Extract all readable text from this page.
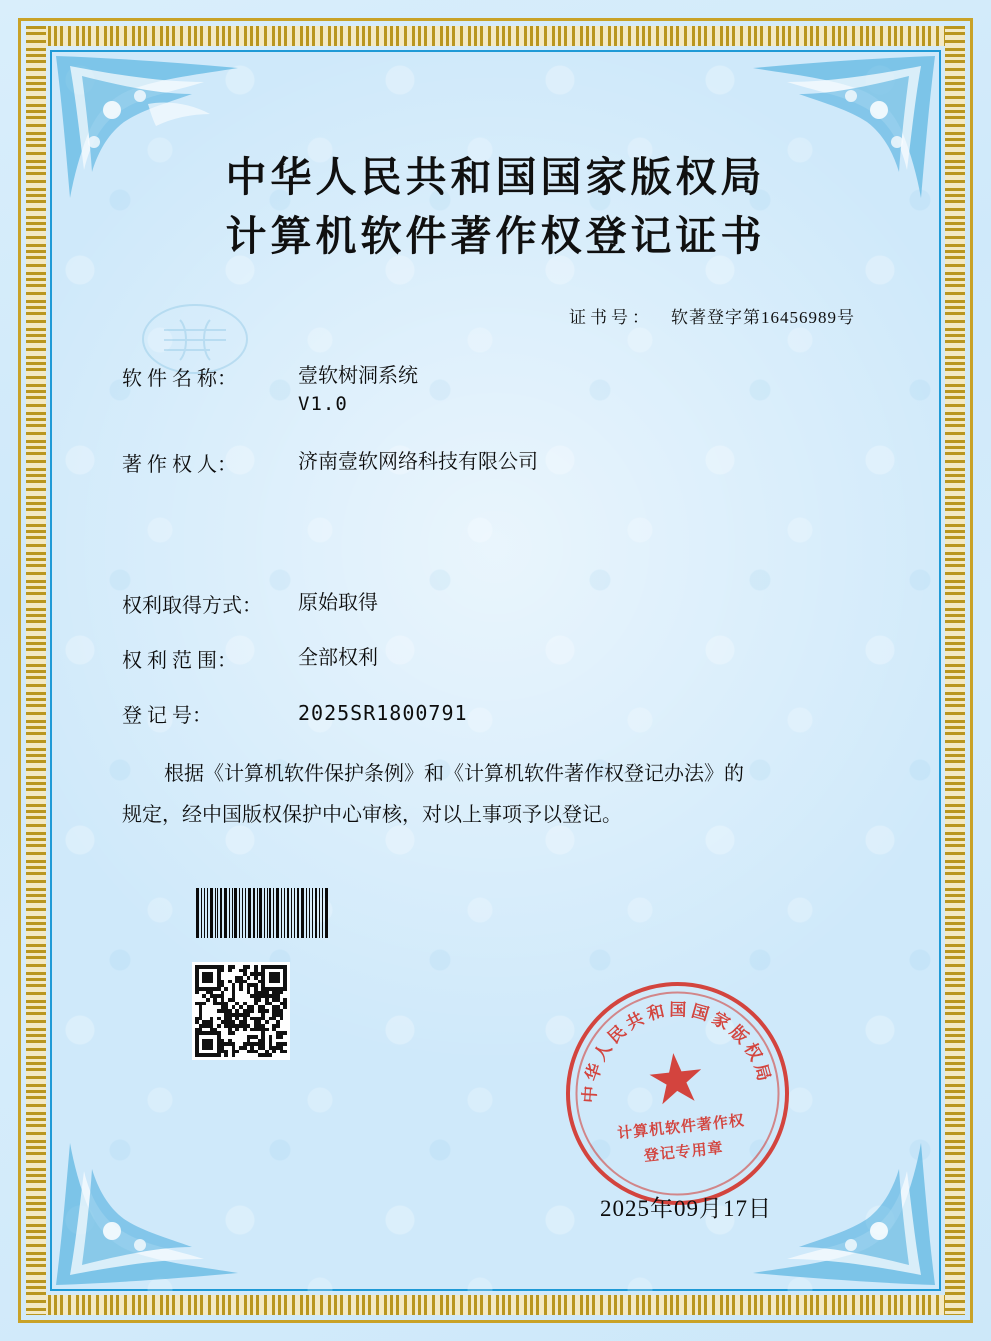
中华人民共和国国家版权局
计算机软件著作权登记证书
证书号： 软著登字第16456989号
软 件 名 称：	壹软树洞系统
V1.0
著 作 权 人：	济南壹软网络科技有限公司
权利取得方式：	原始取得
权 利 范 围：	全部权利
登 记 号：	2025SR1800791
根据《计算机软件保护条例》和《计算机软件著作权登记办法》的
规定，经中国版权保护中心审核，对以上事项予以登记。
中华人民共和国国家版权局
★
计算机软件著作权
登记专用章
2025年09月17日
